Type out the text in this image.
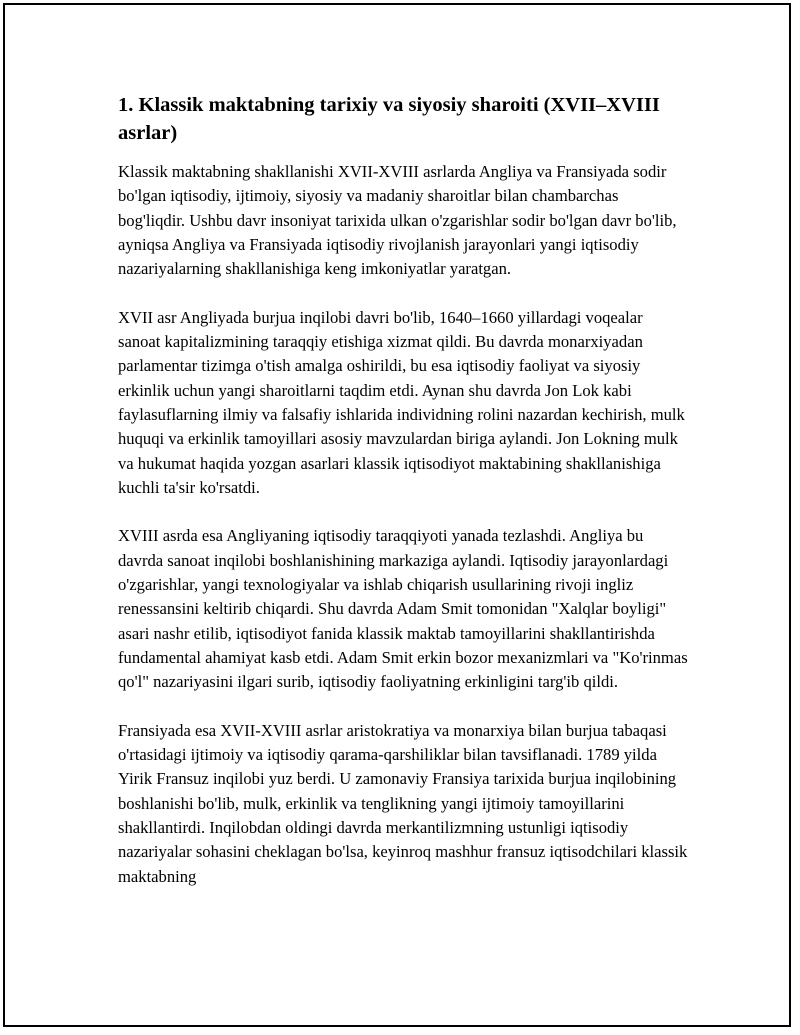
1. Klassik maktabning tarixiy va siyosiy sharoiti (XVII–XVIII asrlar)

Klassik maktabning shakllanishi XVII-XVIII asrlarda Angliya va Fransiyada sodir bo'lgan iqtisodiy, ijtimoiy, siyosiy va madaniy sharoitlar bilan chambarchas bog'liqdir. Ushbu davr insoniyat tarixida ulkan o'zgarishlar sodir bo'lgan davr bo'lib, ayniqsa Angliya va Fransiyada iqtisodiy rivojlanish jarayonlari yangi iqtisodiy nazariyalarning shakllanishiga keng imkoniyatlar yaratgan.

XVII asr Angliyada burjua inqilobi davri bo'lib, 1640–1660 yillardagi voqealar sanoat kapitalizmining taraqqiy etishiga xizmat qildi. Bu davrda monarxiyadan parlamentar tizimga o'tish amalga oshirildi, bu esa iqtisodiy faoliyat va siyosiy erkinlik uchun yangi sharoitlarni taqdim etdi. Aynan shu davrda Jon Lok kabi faylasuflarning ilmiy va falsafiy ishlarida individning rolini nazardan kechirish, mulk huquqi va erkinlik tamoyillari asosiy mavzulardan biriga aylandi. Jon Lokning mulk va hukumat haqida yozgan asarlari klassik iqtisodiyot maktabining shakllanishiga kuchli ta'sir ko'rsatdi.

XVIII asrda esa Angliyaning iqtisodiy taraqqiyoti yanada tezlashdi. Angliya bu davrda sanoat inqilobi boshlanishining markaziga aylandi. Iqtisodiy jarayonlardagi o'zgarishlar, yangi texnologiyalar va ishlab chiqarish usullarining rivoji ingliz renessansini keltirib chiqardi. Shu davrda Adam Smit tomonidan "Xalqlar boyligi" asari nashr etilib, iqtisodiyot fanida klassik maktab tamoyillarini shakllantirishda fundamental ahamiyat kasb etdi. Adam Smit erkin bozor mexanizmlari va "Ko'rinmas qo'l" nazariyasini ilgari surib, iqtisodiy faoliyatning erkinligini targ'ib qildi.

Fransiyada esa XVII-XVIII asrlar aristokratiya va monarxiya bilan burjua tabaqasi o'rtasidagi ijtimoiy va iqtisodiy qarama-qarshiliklar bilan tavsiflanadi. 1789 yilda Yirik Fransuz inqilobi yuz berdi. U zamonaviy Fransiya tarixida burjua inqilobining boshlanishi bo'lib, mulk, erkinlik va tenglikning yangi ijtimoiy tamoyillarini shakllantirdi. Inqilobdan oldingi davrda merkantilizmning ustunligi iqtisodiy nazariyalar sohasini cheklagan bo'lsa, keyinroq mashhur fransuz iqtisodchilari klassik maktabning
